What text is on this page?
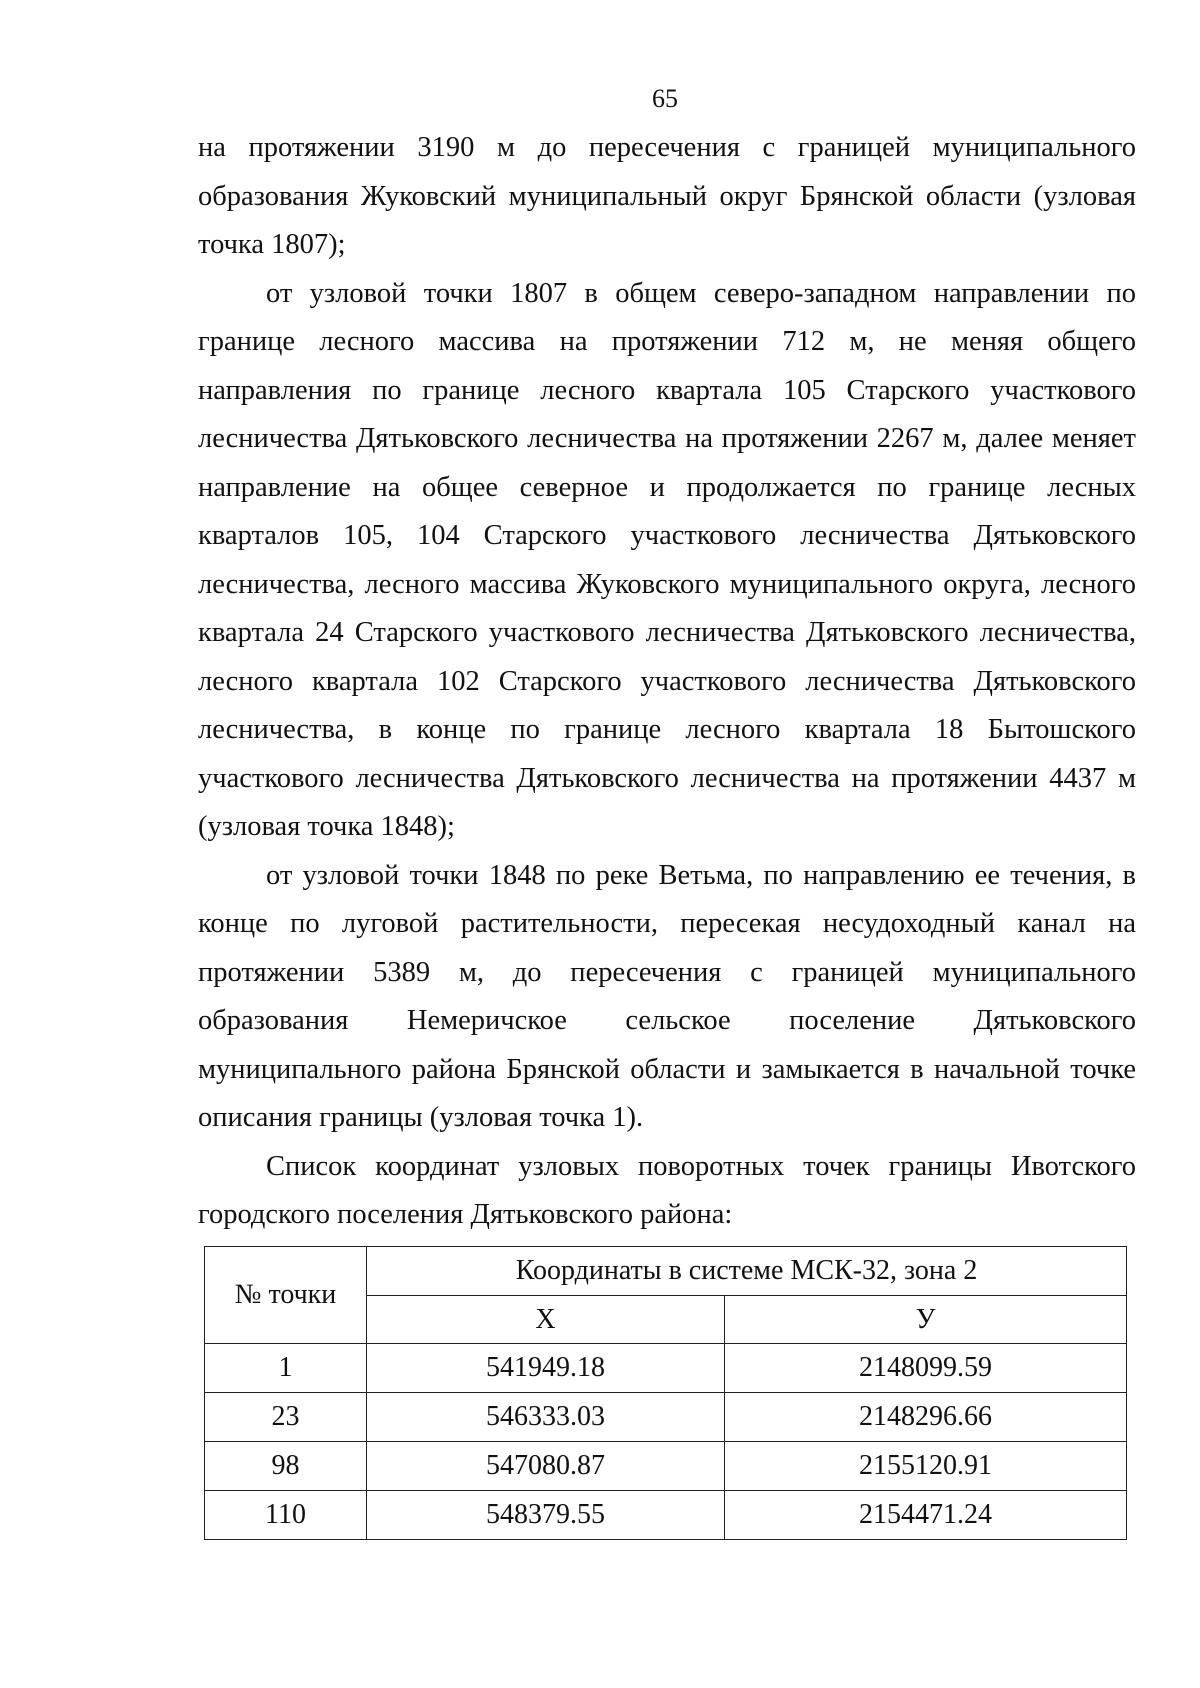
65

на протяжении 3190 м до пересечения с границей муниципального образования Жуковский муниципальный округ Брянской области (узловая точка 1807);

от узловой точки 1807 в общем северо-западном направлении по границе лесного массива на протяжении 712 м, не меняя общего направления по границе лесного квартала 105 Старского участкового лесничества Дятьковского лесничества на протяжении 2267 м, далее меняет направление на общее северное и продолжается по границе лесных кварталов 105, 104 Старского участкового лесничества Дятьковского лесничества, лесного массива Жуковского муниципального округа, лесного квартала 24 Старского участкового лесничества Дятьковского лесничества, лесного квартала 102 Старского участкового лесничества Дятьковского лесничества, в конце по границе лесного квартала 18 Бытошского участкового лесничества Дятьковского лесничества на протяжении 4437 м (узловая точка 1848);

от узловой точки 1848 по реке Ветьма, по направлению ее течения, в конце по луговой растительности, пересекая несудоходный канал на протяжении 5389 м, до пересечения с границей муниципального образования Немеричское сельское поселение Дятьковского муниципального района Брянской области и замыкается в начальной точке описания границы (узловая точка 1).

Список координат узловых поворотных точек границы Ивотского городского поселения Дятьковского района:

№ точки	Координаты в системе МСК-32, зона 2	
	Х	У
1	541949.18	2148099.59
23	546333.03	2148296.66
98	547080.87	2155120.91
110	548379.55	2154471.24
